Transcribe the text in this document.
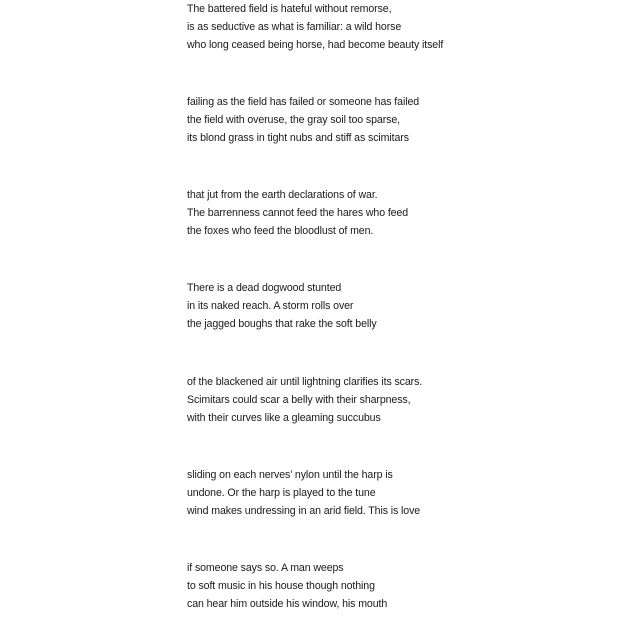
The battered field is hateful without remorse,
is as seductive as what is familiar: a wild horse
who long ceased being horse, had become beauty itself
failing as the field has failed or someone has failed
the field with overuse, the gray soil too sparse,
its blond grass in tight nubs and stiff as scimitars
that jut from the earth declarations of war.
The barrenness cannot feed the hares who feed
the foxes who feed the bloodlust of men.
There is a dead dogwood stunted
in its naked reach. A storm rolls over
the jagged boughs that rake the soft belly
of the blackened air until lightning clarifies its scars.
Scimitars could scar a belly with their sharpness,
with their curves like a gleaming succubus
sliding on each nerves’ nylon until the harp is
undone. Or the harp is played to the tune
wind makes undressing in an arid field. This is love
if someone says so. A man weeps
to soft music in his house though nothing
can hear him outside his window, his mouth
